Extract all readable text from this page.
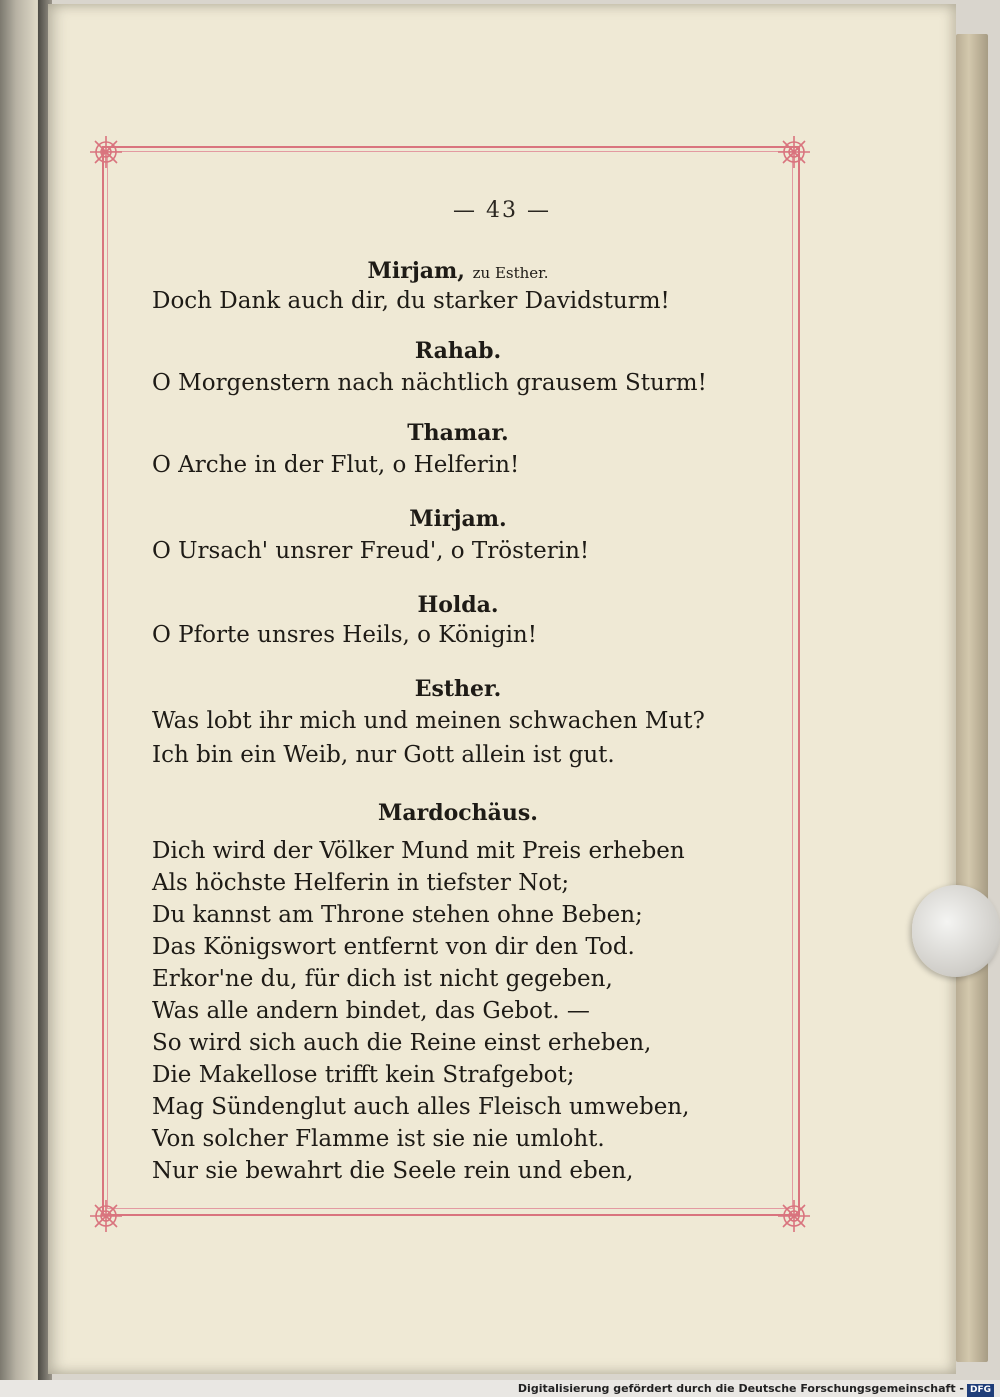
— 43 —
Mirjam, zu Esther.
Doch Dank auch dir, du starker Davidsturm!
Rahab.
O Morgenstern nach nächtlich grausem Sturm!
Thamar.
O Arche in der Flut, o Helferin!
Mirjam.
O Ursach' unsrer Freud', o Trösterin!
Holda.
O Pforte unsres Heils, o Königin!
Esther.
Was lobt ihr mich und meinen schwachen Mut?
Ich bin ein Weib, nur Gott allein ist gut.
Mardochäus.
Dich wird der Völker Mund mit Preis erheben
Als höchste Helferin in tiefster Not;
Du kannst am Throne stehen ohne Beben;
Das Königswort entfernt von dir den Tod.
Erkor'ne du, für dich ist nicht gegeben,
Was alle andern bindet, das Gebot. —
So wird sich auch die Reine einst erheben,
Die Makellose trifft kein Strafgebot;
Mag Sündenglut auch alles Fleisch umweben,
Von solcher Flamme ist sie nie umloht.
Nur sie bewahrt die Seele rein und eben,
Digitalisierung gefördert durch die Deutsche Forschungsgemeinschaft - DFG
